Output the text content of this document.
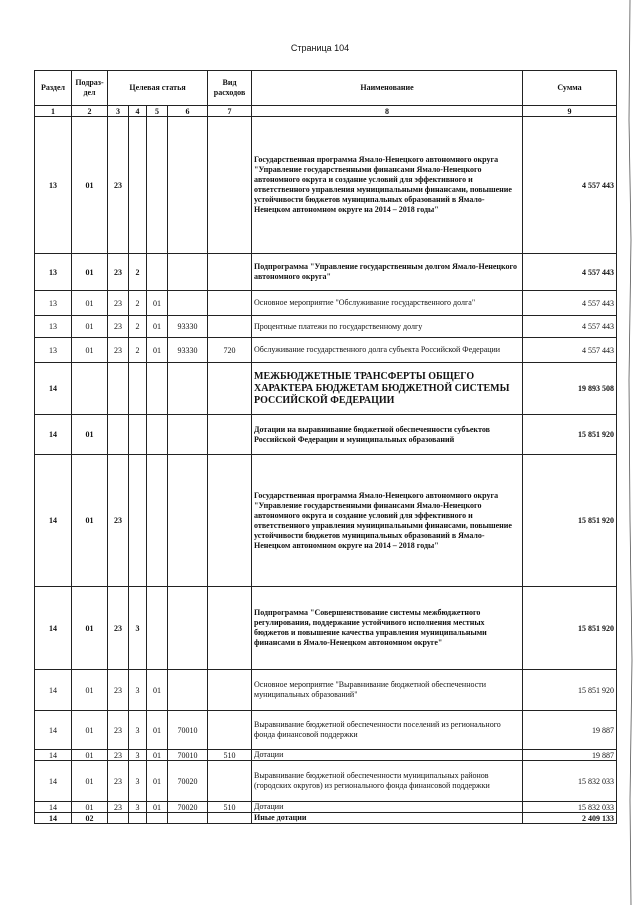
Страница 104
Раздел	Подраз-дел	Целевая статья				Вид расходов	Наименование	Сумма
1	2	3	4	5	6	7	8	9
13	01	23					Государственная программа Ямало-Ненецкого автономного округа "Управление государственными финансами Ямало-Ненецкого автономного округа и создание условий для эффективного и ответственного управления муниципальными финансами, повышение устойчивости бюджетов муниципальных образований в Ямало-Ненецком автономном округе на 2014 – 2018 годы"	4 557 443
13	01	23	2				Подпрограмма "Управление государственным долгом Ямало-Ненецкого автономного округа"	4 557 443
13	01	23	2	01			Основное мероприятие "Обслуживание государственного долга"	4 557 443
13	01	23	2	01	93330		Процентные платежи по государственному долгу	4 557 443
13	01	23	2	01	93330	720	Обслуживание государственного долга субъекта Российской Федерации	4 557 443
14							МЕЖБЮДЖЕТНЫЕ ТРАНСФЕРТЫ ОБЩЕГО ХАРАКТЕРА БЮДЖЕТАМ БЮДЖЕТНОЙ СИСТЕМЫ РОССИЙСКОЙ ФЕДЕРАЦИИ	19 893 508
14	01						Дотации на выравнивание бюджетной обеспеченности субъектов Российской Федерации и муниципальных образований	15 851 920
14	01	23					Государственная программа Ямало-Ненецкого автономного округа "Управление государственными финансами Ямало-Ненецкого автономного округа и создание условий для эффективного и ответственного управления муниципальными финансами, повышение устойчивости бюджетов муниципальных образований в Ямало-Ненецком автономном округе на 2014 – 2018 годы"	15 851 920
14	01	23	3				Подпрограмма "Совершенствование системы межбюджетного регулирования, поддержание устойчивого исполнения местных бюджетов и повышение качества управления муниципальными финансами в Ямало-Ненецком автономном округе"	15 851 920
14	01	23	3	01			Основное мероприятие "Выравнивание бюджетной обеспеченности муниципальных образований"	15 851 920
14	01	23	3	01	70010		Выравнивание бюджетной обеспеченности поселений из регионального фонда финансовой поддержки	19 887
14	01	23	3	01	70010	510	Дотации	19 887
14	01	23	3	01	70020		Выравнивание бюджетной обеспеченности муниципальных районов (городских округов) из регионального фонда финансовой поддержки	15 832 033
14	01	23	3	01	70020	510	Дотации	15 832 033
14	02						Иные дотации	2 409 133
